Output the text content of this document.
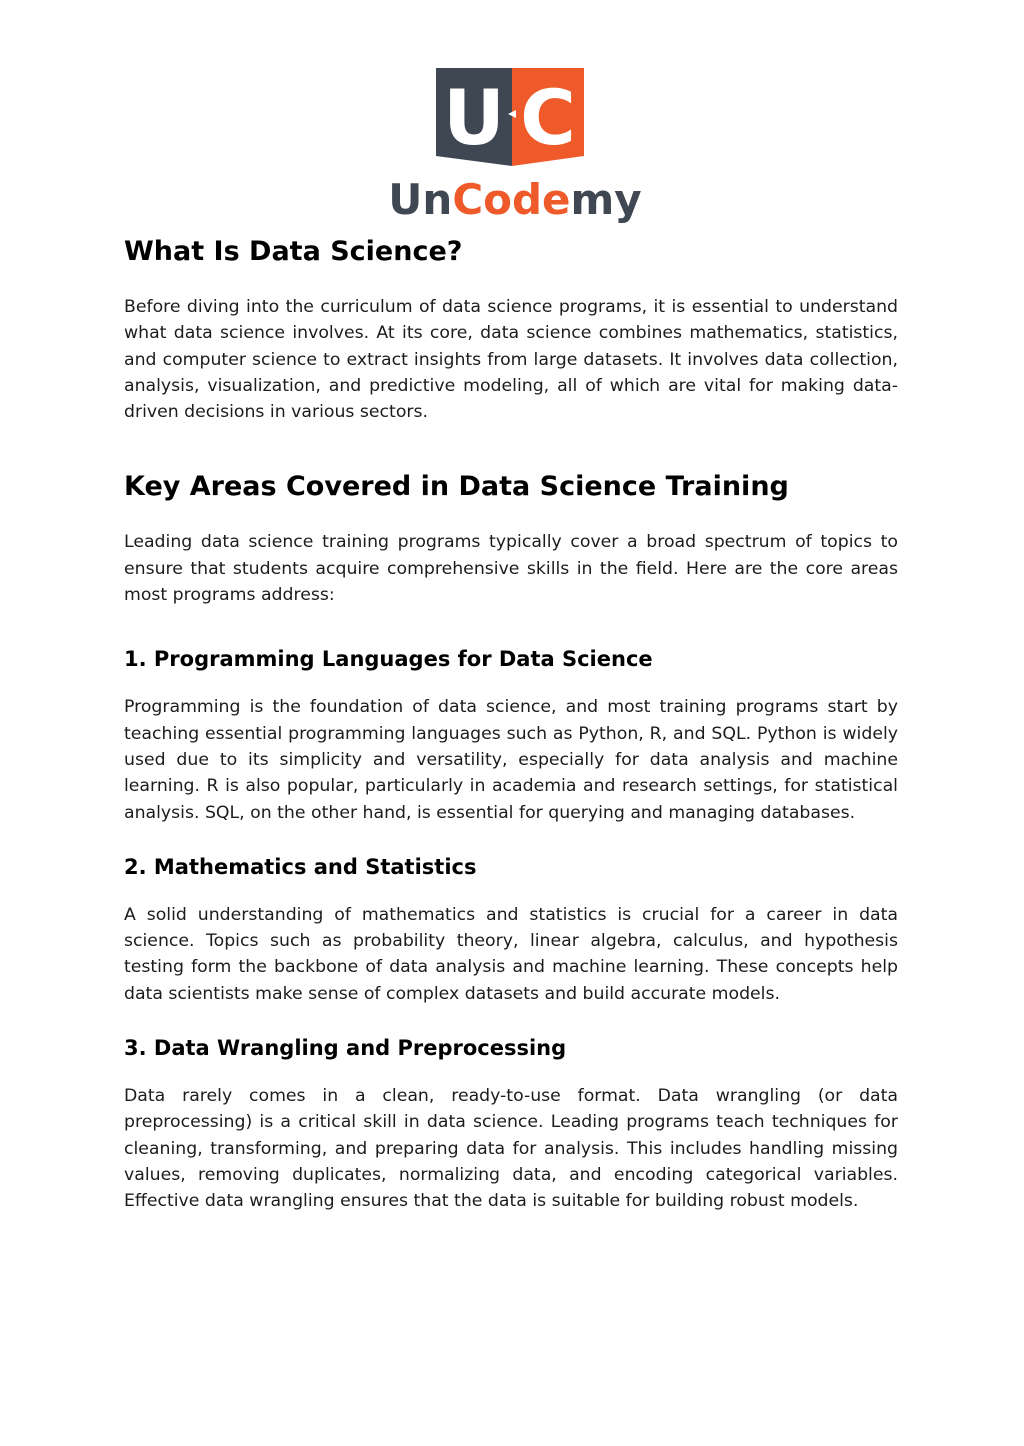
U C
UnCodemy
What Is Data Science?

Before diving into the curriculum of data science programs, it is essential to understand what data science involves. At its core, data science combines mathematics, statistics, and computer science to extract insights from large datasets. It involves data collection, analysis, visualization, and predictive modeling, all of which are vital for making data-driven decisions in various sectors.

Key Areas Covered in Data Science Training

Leading data science training programs typically cover a broad spectrum of topics to ensure that students acquire comprehensive skills in the field. Here are the core areas most programs address:

1. Programming Languages for Data Science

Programming is the foundation of data science, and most training programs start by teaching essential programming languages such as Python, R, and SQL. Python is widely used due to its simplicity and versatility, especially for data analysis and machine learning. R is also popular, particularly in academia and research settings, for statistical analysis. SQL, on the other hand, is essential for querying and managing databases.

2. Mathematics and Statistics

A solid understanding of mathematics and statistics is crucial for a career in data science. Topics such as probability theory, linear algebra, calculus, and hypothesis testing form the backbone of data analysis and machine learning. These concepts help data scientists make sense of complex datasets and build accurate models.

3. Data Wrangling and Preprocessing

Data rarely comes in a clean, ready-to-use format. Data wrangling (or data preprocessing) is a critical skill in data science. Leading programs teach techniques for cleaning, transforming, and preparing data for analysis. This includes handling missing values, removing duplicates, normalizing data, and encoding categorical variables. Effective data wrangling ensures that the data is suitable for building robust models.
